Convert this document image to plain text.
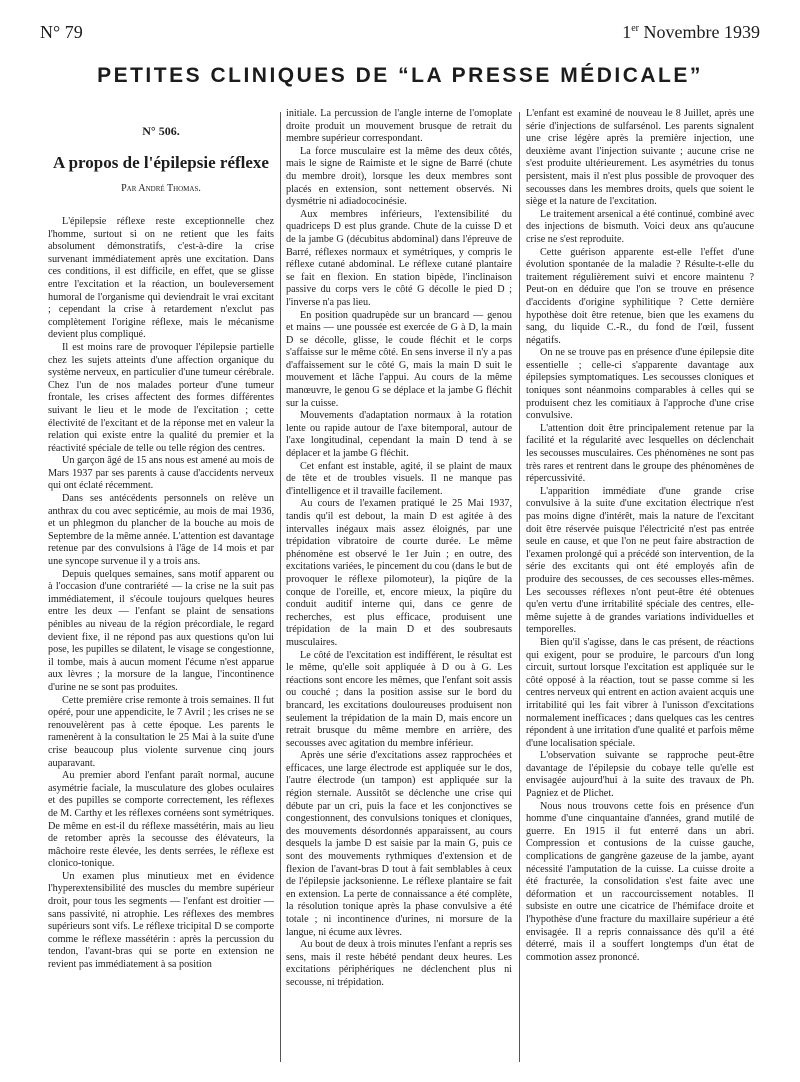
N° 79	1er Novembre 1939
PETITES CLINIQUES DE “LA PRESSE MÉDICALE”
N° 506.
A propos de l'épilepsie réflexe
Par André Thomas.

L'épilepsie réflexe reste exceptionnelle chez l'homme, surtout si on ne retient que les faits absolument démonstratifs, c'est-à-dire la crise survenant immédiatement après une excitation. Dans ces conditions, il est difficile, en effet, que se glisse entre l'excitation et la réaction, un bouleversement humoral de l'organisme qui deviendrait le vrai excitant ; cependant la crise à retardement n'exclut pas complètement l'origine réflexe, mais le mécanisme devient plus compliqué.

Il est moins rare de provoquer l'épilepsie partielle chez les sujets atteints d'une affection organique du système nerveux, en particulier d'une tumeur cérébrale. Chez l'un de nos malades porteur d'une tumeur frontale, les crises affectent des formes différentes suivant le lieu et le mode de l'excitation ; cette électivité de l'excitant et de la réponse met en valeur la relation qui existe entre la qualité du premier et la réactivité spéciale de telle ou telle région des centres.

Un garçon âgé de 15 ans nous est amené au mois de Mars 1937 par ses parents à cause d'accidents nerveux qui ont éclaté récemment.

Dans ses antécédents personnels on relève un anthrax du cou avec septicémie, au mois de mai 1936, et un phlegmon du plancher de la bouche au mois de Septembre de la même année. L'attention est davantage retenue par des convulsions à l'âge de 14 mois et par une syncope survenue il y a trois ans.

Depuis quelques semaines, sans motif apparent ou à l'occasion d'une contrariété — la crise ne la suit pas immédiatement, il s'écoule toujours quelques heures entre les deux — l'enfant se plaint de sensations pénibles au niveau de la région précordiale, le regard devient fixe, il ne répond pas aux questions qu'on lui pose, les pupilles se dilatent, le visage se congestionne, il tombe, mais à aucun moment l'écume n'est apparue aux lèvres ; la morsure de la langue, l'incontinence d'urine ne se sont pas produites.

Cette première crise remonte à trois semaines. Il fut opéré, pour une appendicite, le 7 Avril ; les crises ne se renouvelèrent pas à cette époque. Les parents le ramenèrent à la consultation le 25 Mai à la suite d'une crise beaucoup plus violente survenue cinq jours auparavant.

Au premier abord l'enfant paraît normal, aucune asymétrie faciale, la musculature des globes oculaires et des pupilles se comporte correctement, les réflexes de M. Carthy et les réflexes cornéens sont symétriques. De même en est-il du réflexe massétérin, mais au lieu de retomber après la secousse des élévateurs, la mâchoire reste élevée, les dents serrées, le réflexe est clonico-tonique.

Un examen plus minutieux met en évidence l'hyperextensibilité des muscles du membre supérieur droit, pour tous les segments — l'enfant est droitier — sans passivité, ni atrophie. Les réflexes des membres supérieurs sont vifs. Le réflexe tricipital D se comporte comme le réflexe massétérin : après la percussion du tendon, l'avant-bras qui se porte en extension ne revient pas immédiatement à sa position

initiale. La percussion de l'angle interne de l'omoplate droite produit un mouvement brusque de retrait du membre supérieur correspondant.

La force musculaire est la même des deux côtés, mais le signe de Raimiste et le signe de Barré (chute du membre droit), lorsque les deux membres sont placés en extension, sont nettement observés. Ni dysmétrie ni adiadococinésie.

Aux membres inférieurs, l'extensibilité du quadriceps D est plus grande. Chute de la cuisse D et de la jambe G (décubitus abdominal) dans l'épreuve de Barré, réflexes normaux et symétriques, y compris le réflexe cutané abdominal. Le réflexe cutané plantaire se fait en flexion. En station bipède, l'inclinaison passive du corps vers le côté G décolle le pied D ; l'inverse n'a pas lieu.

En position quadrupède sur un brancard — genou et mains — une poussée est exercée de G à D, la main D se décolle, glisse, le coude fléchit et le corps s'affaisse sur le même côté. En sens inverse il n'y a pas d'affaissement sur le côté G, mais la main D suit le mouvement et lâche l'appui. Au cours de la même manœuvre, le genou G se déplace et la jambe G fléchit sur la cuisse.

Mouvements d'adaptation normaux à la rotation lente ou rapide autour de l'axe bitemporal, autour de l'axe longitudinal, cependant la main D tend à se déplacer et la jambe G fléchit.

Cet enfant est instable, agité, il se plaint de maux de tête et de troubles visuels. Il ne manque pas d'intelligence et il travaille facilement.

Au cours de l'examen pratiqué le 25 Mai 1937, tandis qu'il est debout, la main D est agitée à des intervalles inégaux mais assez éloignés, par une trépidation vibratoire de courte durée. Le même phénomène est observé le 1er Juin ; en outre, des excitations variées, le pincement du cou (dans le but de provoquer le réflexe pilomoteur), la piqûre de la conque de l'oreille, et, encore mieux, la piqûre du conduit auditif interne qui, dans ce genre de recherches, est plus efficace, produisent une trépidation de la main D et des soubresauts musculaires.

Le côté de l'excitation est indifférent, le résultat est le même, qu'elle soit appliquée à D ou à G. Les réactions sont encore les mêmes, que l'enfant soit assis ou couché ; dans la position assise sur le bord du brancard, les excitations douloureuses produisent non seulement la trépidation de la main D, mais encore un retrait brusque du même membre en arrière, des secousses avec agitation du membre inférieur.

Après une série d'excitations assez rapprochées et efficaces, une large électrode est appliquée sur le dos, l'autre électrode (un tampon) est appliquée sur la région sternale. Aussitôt se déclenche une crise qui débute par un cri, puis la face et les conjonctives se congestionnent, des convulsions toniques et cloniques, des mouvements désordonnés apparaissent, au cours desquels la jambe D est saisie par la main G, puis ce sont des mouvements rythmiques d'extension et de flexion de l'avant-bras D tout à fait semblables à ceux de l'épilepsie jacksonienne. Le réflexe plantaire se fait en extension. La perte de connaissance a été complète, la résolution tonique après la phase convulsive a été totale ; ni incontinence d'urines, ni morsure de la langue, ni écume aux lèvres.

Au bout de deux à trois minutes l'enfant a repris ses sens, mais il reste hébété pendant deux heures. Les excitations périphériques ne déclenchent plus ni secousse, ni trépidation.

L'enfant est examiné de nouveau le 8 Juillet, après une série d'injections de sulfarsénol. Les parents signalent une crise légère après la première injection, une deuxième avant l'injection suivante ; aucune crise ne s'est produite ultérieurement. Les asymétries du tonus persistent, mais il n'est plus possible de provoquer des secousses dans les membres droits, quels que soient le siège et la nature de l'excitation.

Le traitement arsenical a été continué, combiné avec des injections de bismuth. Voici deux ans qu'aucune crise ne s'est reproduite.

Cette guérison apparente est-elle l'effet d'une évolution spontanée de la maladie ? Résulte-t-elle du traitement régulièrement suivi et encore maintenu ? Peut-on en déduire que l'on se trouve en présence d'accidents d'origine syphilitique ? Cette dernière hypothèse doit être retenue, bien que les examens du sang, du liquide C.-R., du fond de l'œil, fussent négatifs.

On ne se trouve pas en présence d'une épilepsie dite essentielle ; celle-ci s'apparente davantage aux épilepsies symptomatiques. Les secousses cloniques et toniques sont néanmoins comparables à celles qui se produisent chez les comitiaux à l'approche d'une crise convulsive.

L'attention doit être principalement retenue par la facilité et la régularité avec lesquelles on déclenchait les secousses musculaires. Ces phénomènes ne sont pas très rares et rentrent dans le groupe des phénomènes de répercussivité.

L'apparition immédiate d'une grande crise convulsive à la suite d'une excitation électrique n'est pas moins digne d'intérêt, mais la nature de l'excitant doit être réservée puisque l'électricité n'est pas entrée seule en cause, et que l'on ne peut faire abstraction de l'examen prolongé qui a précédé son intervention, de la série des excitants qui ont été employés afin de produire des secousses, de ces secousses elles-mêmes. Les secousses réflexes n'ont peut-être été obtenues qu'en vertu d'une irritabilité spéciale des centres, elle-même sujette à de grandes variations individuelles et temporelles.

Bien qu'il s'agisse, dans le cas présent, de réactions qui exigent, pour se produire, le parcours d'un long circuit, surtout lorsque l'excitation est appliquée sur le côté opposé à la réaction, tout se passe comme si les centres nerveux qui entrent en action avaient acquis une irritabilité qui les fait vibrer à l'unisson d'excitations normalement inefficaces ; dans quelques cas les centres répondent à une irritation d'une qualité et parfois même d'une localisation spéciale.

L'observation suivante se rapproche peut-être davantage de l'épilepsie du cobaye telle qu'elle est envisagée aujourd'hui à la suite des travaux de Ph. Pagniez et de Plichet.

Nous nous trouvons cette fois en présence d'un homme d'une cinquantaine d'années, grand mutilé de guerre. En 1915 il fut enterré dans un abri. Compression et contusions de la cuisse gauche, complications de gangrène gazeuse de la jambe, ayant nécessité l'amputation de la cuisse. La cuisse droite a été fracturée, la consolidation s'est faite avec une déformation et un raccourcissement notables. Il subsiste en outre une cicatrice de l'hémiface droite et l'hypothèse d'une fracture du maxillaire supérieur a été envisagée. Il a repris connaissance dès qu'il a été déterré, mais il a souffert longtemps d'un état de commotion assez prononcé.
